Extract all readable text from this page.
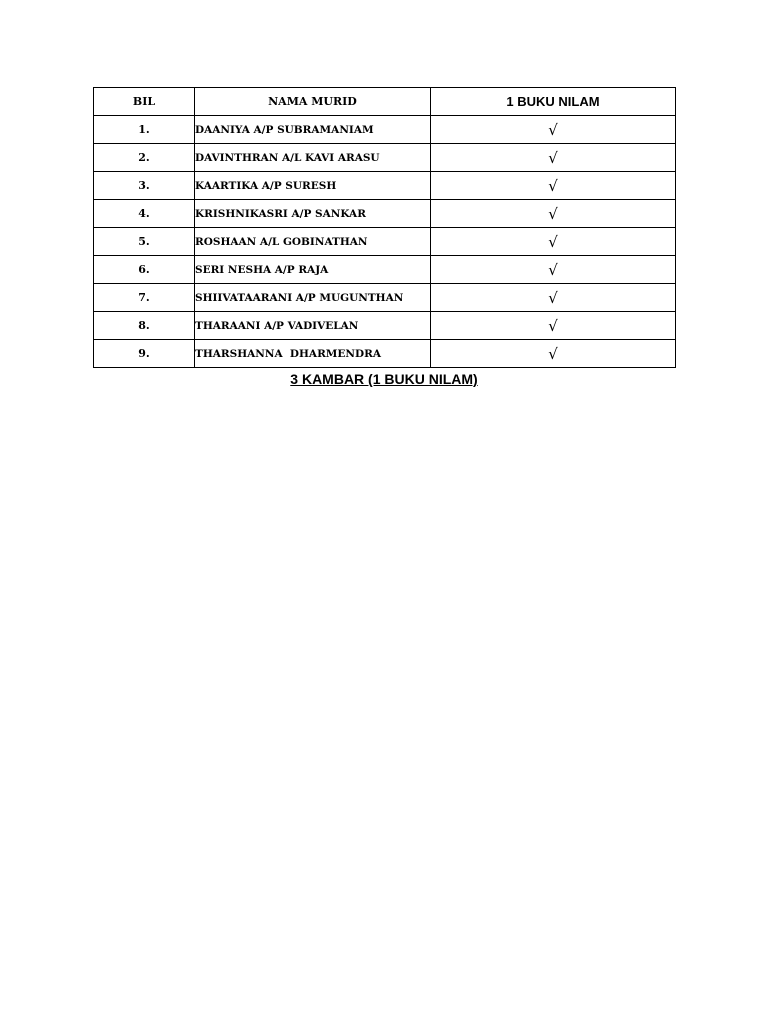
BIL	NAMA MURID	1 BUKU NILAM
1.	DAANIYA A/P SUBRAMANIAM	√
2.	DAVINTHRAN A/L KAVI ARASU	√
3.	KAARTIKA A/P SURESH	√
4.	KRISHNIKASRI A/P SANKAR	√
5.	ROSHAAN A/L GOBINATHAN	√
6.	SERI NESHA A/P RAJA	√
7.	SHIIVATAARANI A/P MUGUNTHAN	√
8.	THARAANI A/P VADIVELAN	√
9.	THARSHANNA  DHARMENDRA	√
3 KAMBAR (1 BUKU NILAM)
